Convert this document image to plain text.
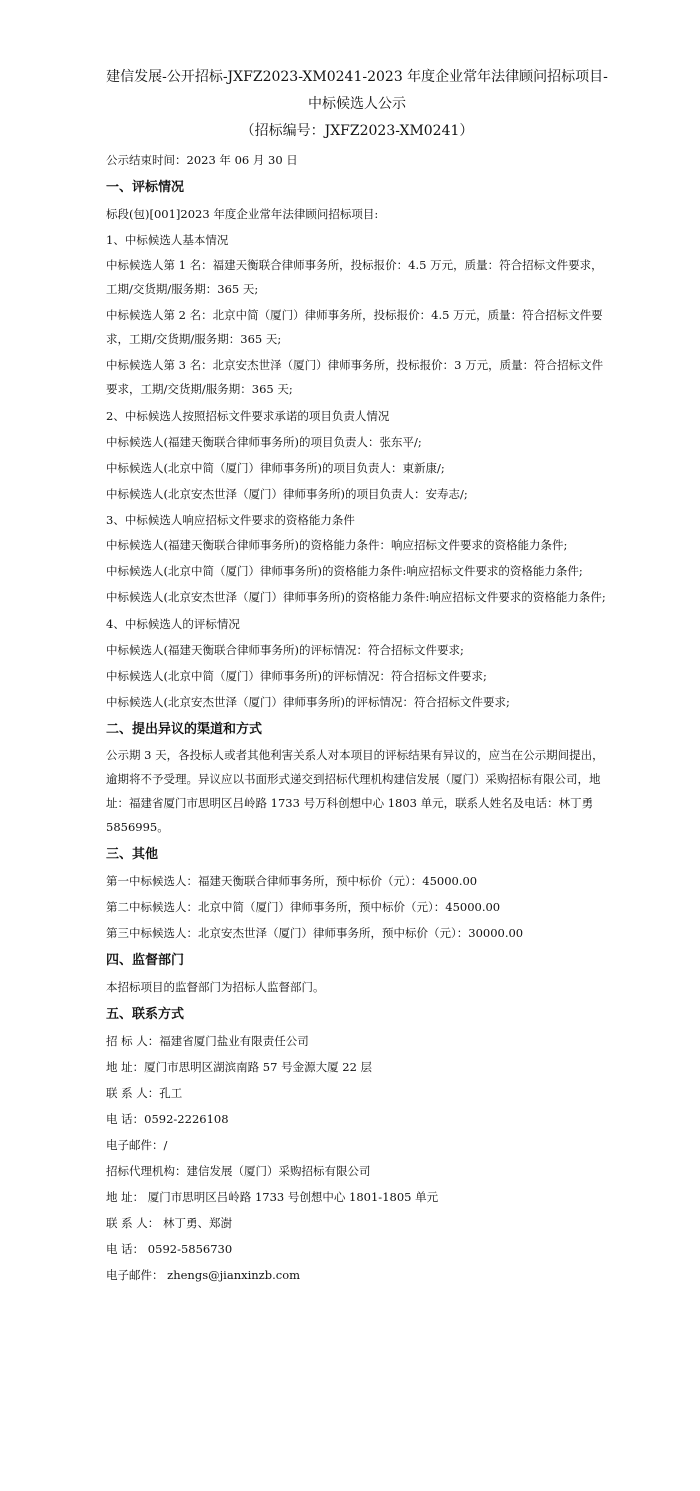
建信发展-公开招标-JXFZ2023-XM0241-2023 年度企业常年法律顾问招标项目-

中标候选人公示

（招标编号：JXFZ2023-XM0241）

公示结束时间：2023 年 06 月 30 日

一、评标情况

标段(包)[001]2023 年度企业常年法律顾问招标项目:

1、中标候选人基本情况

中标候选人第 1 名：福建天衡联合律师事务所，投标报价：4.5 万元，质量：符合招标文件要求，工期/交货期/服务期：365 天;

中标候选人第 2 名：北京中简（厦门）律师事务所，投标报价：4.5 万元，质量：符合招标文件要求，工期/交货期/服务期：365 天;

中标候选人第 3 名：北京安杰世泽（厦门）律师事务所，投标报价：3 万元，质量：符合招标文件要求，工期/交货期/服务期：365 天;

2、中标候选人按照招标文件要求承诺的项目负责人情况

中标候选人(福建天衡联合律师事务所)的项目负责人：张东平/;

中标候选人(北京中简（厦门）律师事务所)的项目负责人：東新康/;

中标候选人(北京安杰世泽（厦门）律师事务所)的项目负责人：安寿志/;

3、中标候选人响应招标文件要求的资格能力条件

中标候选人(福建天衡联合律师事务所)的资格能力条件：响应招标文件要求的资格能力条件;

中标候选人(北京中简（厦门）律师事务所)的资格能力条件:响应招标文件要求的资格能力条件;

中标候选人(北京安杰世泽（厦门）律师事务所)的资格能力条件:响应招标文件要求的资格能力条件;

4、中标候选人的评标情况

中标候选人(福建天衡联合律师事务所)的评标情况：符合招标文件要求;

中标候选人(北京中简（厦门）律师事务所)的评标情况：符合招标文件要求;

中标候选人(北京安杰世泽（厦门）律师事务所)的评标情况：符合招标文件要求;

二、提出异议的渠道和方式

公示期 3 天，各投标人或者其他利害关系人对本项目的评标结果有异议的，应当在公示期间提出，逾期将不予受理。异议应以书面形式递交到招标代理机构建信发展（厦门）采购招标有限公司，地址：福建省厦门市思明区吕岭路 1733 号万科创想中心 1803 单元，联系人姓名及电话：林丁勇 5856995。

三、其他

第一中标候选人：福建天衡联合律师事务所，预中标价（元）：45000.00

第二中标候选人：北京中简（厦门）律师事务所，预中标价（元）：45000.00

第三中标候选人：北京安杰世泽（厦门）律师事务所，预中标价（元）：30000.00

四、监督部门

本招标项目的监督部门为招标人监督部门。

五、联系方式

招 标 人：福建省厦门盐业有限责任公司

地 址：厦门市思明区湖滨南路 57 号金源大厦 22 层

联 系 人：孔工

电 话：0592-2226108

电子邮件：/

招标代理机构：建信发展（厦门）采购招标有限公司

地 址： 厦门市思明区吕岭路 1733 号创想中心 1801-1805 单元

联 系 人： 林丁勇、郑澍

电 话： 0592-5856730

电子邮件： zhengs@jianxinzb.com
